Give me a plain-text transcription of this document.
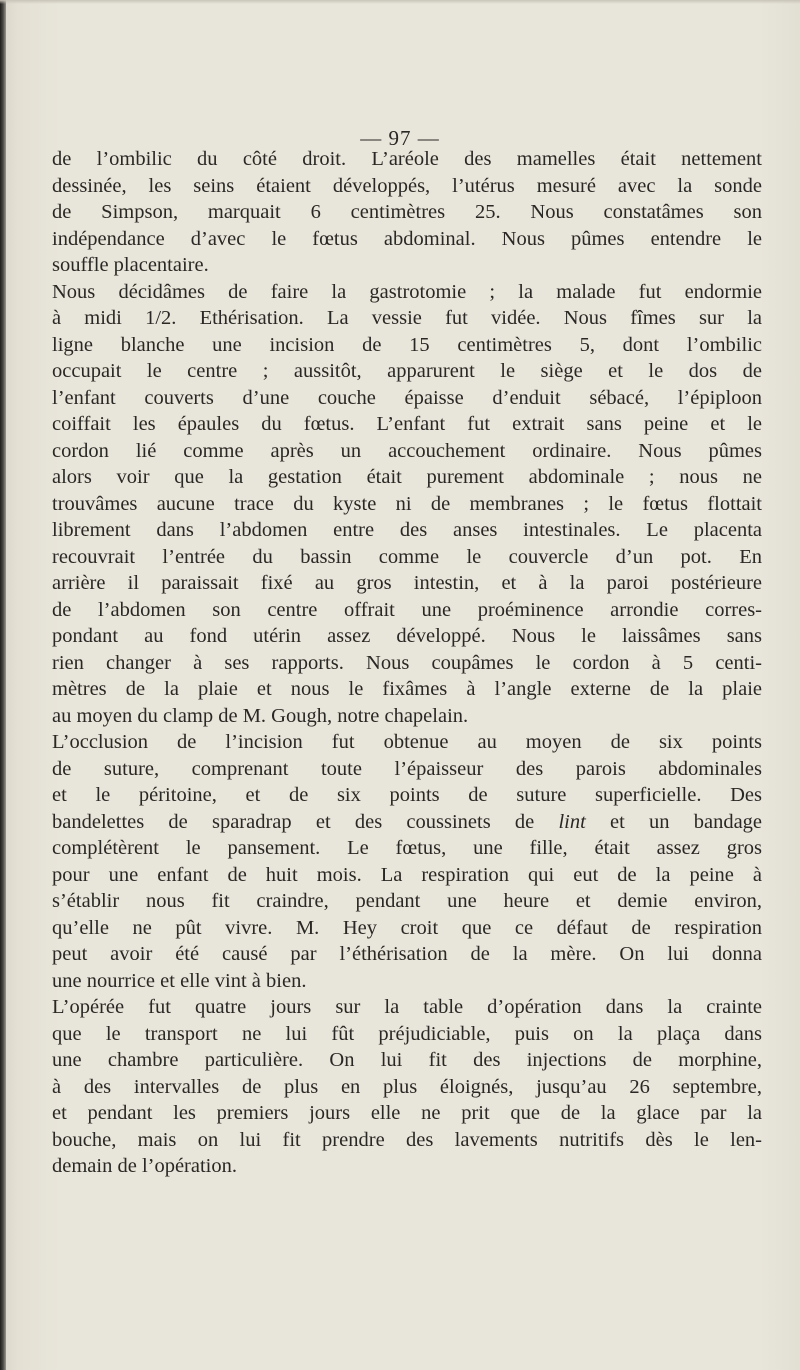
— 97 —
de l’ombilic du côté droit. L’aréole des mamelles était nettement
dessinée, les seins étaient développés, l’utérus mesuré avec la sonde
de Simpson, marquait 6 centimètres 25. Nous constatâmes son
indépendance d’avec le fœtus abdominal. Nous pûmes entendre le
souffle placentaire.
Nous décidâmes de faire la gastrotomie ; la malade fut endormie
à midi 1/2. Ethérisation. La vessie fut vidée. Nous fîmes sur la
ligne blanche une incision de 15 centimètres 5, dont l’ombilic
occupait le centre ; aussitôt, apparurent le siège et le dos de
l’enfant couverts d’une couche épaisse d’enduit sébacé, l’épiploon
coiffait les épaules du fœtus. L’enfant fut extrait sans peine et le
cordon lié comme après un accouchement ordinaire. Nous pûmes
alors voir que la gestation était purement abdominale ; nous ne
trouvâmes aucune trace du kyste ni de membranes ; le fœtus flottait
librement dans l’abdomen entre des anses intestinales. Le placenta
recouvrait l’entrée du bassin comme le couvercle d’un pot. En
arrière il paraissait fixé au gros intestin, et à la paroi postérieure
de l’abdomen son centre offrait une proéminence arrondie corres-
pondant au fond utérin assez développé. Nous le laissâmes sans
rien changer à ses rapports. Nous coupâmes le cordon à 5 centi-
mètres de la plaie et nous le fixâmes à l’angle externe de la plaie
au moyen du clamp de M. Gough, notre chapelain.
L’occlusion de l’incision fut obtenue au moyen de six points
de suture, comprenant toute l’épaisseur des parois abdominales
et le péritoine, et de six points de suture superficielle. Des
bandelettes de sparadrap et des coussinets de lint et un bandage
complétèrent le pansement. Le fœtus, une fille, était assez gros
pour une enfant de huit mois. La respiration qui eut de la peine à
s’établir nous fit craindre, pendant une heure et demie environ,
qu’elle ne pût vivre. M. Hey croit que ce défaut de respiration
peut avoir été causé par l’éthérisation de la mère. On lui donna
une nourrice et elle vint à bien.
L’opérée fut quatre jours sur la table d’opération dans la crainte
que le transport ne lui fût préjudiciable, puis on la plaça dans
une chambre particulière. On lui fit des injections de morphine,
à des intervalles de plus en plus éloignés, jusqu’au 26 septembre,
et pendant les premiers jours elle ne prit que de la glace par la
bouche, mais on lui fit prendre des lavements nutritifs dès le len-
demain de l’opération.
